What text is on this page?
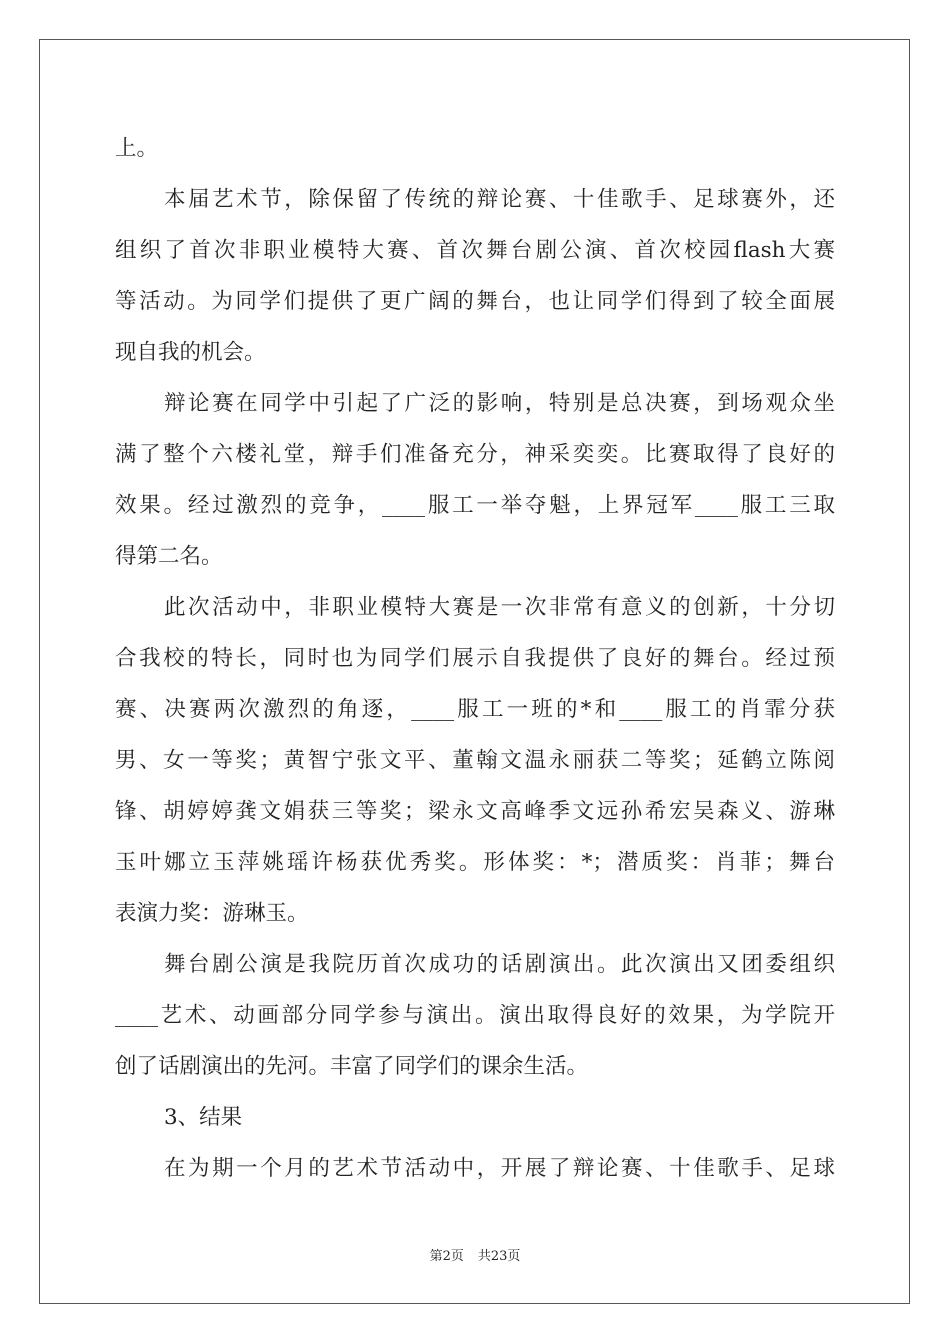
上。
本届艺术节，除保留了传统的辩论赛、十佳歌手、足球赛外，还
组织了首次非职业模特大赛、首次舞台剧公演、首次校园flash大赛
等活动。为同学们提供了更广阔的舞台，也让同学们得到了较全面展
现自我的机会。
辩论赛在同学中引起了广泛的影响，特别是总决赛，到场观众坐
满了整个六楼礼堂，辩手们准备充分，神采奕奕。比赛取得了良好的
效果。经过激烈的竞争，____服工一举夺魁，上界冠军____服工三取
得第二名。
此次活动中，非职业模特大赛是一次非常有意义的创新，十分切
合我校的特长，同时也为同学们展示自我提供了良好的舞台。经过预
赛、决赛两次激烈的角逐，____服工一班的*和____服工的肖霏分获
男、女一等奖；黄智宁张文平、董翰文温永丽获二等奖；延鹤立陈阅
锋、胡婷婷龚文娟获三等奖；梁永文高峰季文远孙希宏吴森义、游琳
玉叶娜立玉萍姚瑶许杨获优秀奖。形体奖：*；潜质奖：肖菲；舞台
表演力奖：游琳玉。
舞台剧公演是我院历首次成功的话剧演出。此次演出又团委组织
____艺术、动画部分同学参与演出。演出取得良好的效果，为学院开
创了话剧演出的先河。丰富了同学们的课余生活。
3、结果
在为期一个月的艺术节活动中，开展了辩论赛、十佳歌手、足球
第2页 共23页
